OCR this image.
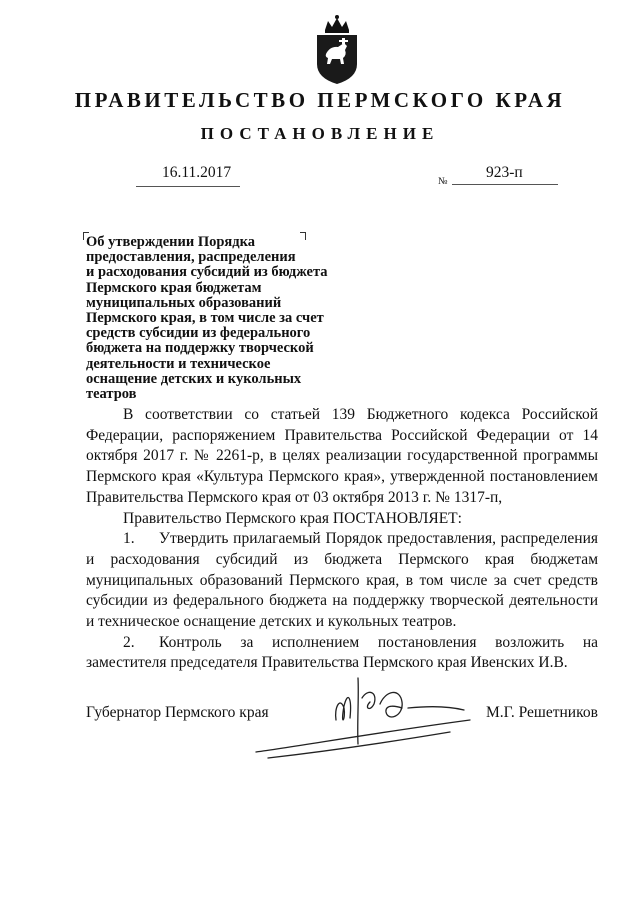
ПРАВИТЕЛЬСТВО ПЕРМСКОГО КРАЯ
ПОСТАНОВЛЕНИЕ
16.11.2017
№
923-п
Об утверждении Порядка
предоставления, распределения
и расходования субсидий из бюджета
Пермского края бюджетам
муниципальных образований
Пермского края, в том числе за счет
средств субсидии из федерального
бюджета на поддержку творческой
деятельности и техническое
оснащение детских и кукольных
театров

В соответствии со статьей 139 Бюджетного кодекса Российской Федерации, распоряжением Правительства Российской Федерации от 14 октября 2017 г. № 2261-р, в целях реализации государственной программы Пермского края «Культура Пермского края», утвержденной постановлением Правительства Пермского края от 03 октября 2013 г. № 1317-п,

Правительство Пермского края ПОСТАНОВЛЯЕТ:

1. Утвердить прилагаемый Порядок предоставления, распределения и расходования субсидий из бюджета Пермского края бюджетам муниципальных образований Пермского края, в том числе за счет средств субсидии из федерального бюджета на поддержку творческой деятельности и техническое оснащение детских и кукольных театров.

2. Контроль за исполнением постановления возложить на заместителя председателя Правительства Пермского края Ивенских И.В.

Губернатор Пермского края	М.Г. Решетников
